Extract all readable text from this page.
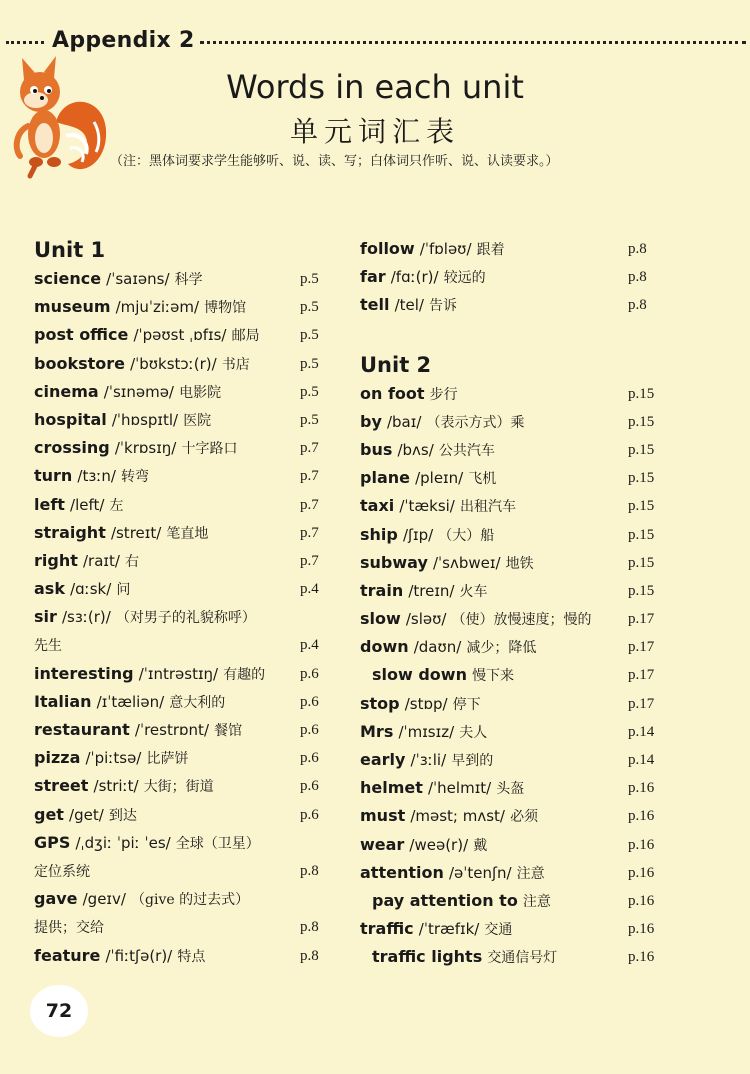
Appendix 2
Words in each unit
单元词汇表
（注：黑体词要求学生能够听、说、读、写；白体词只作听、说、认读要求。）
Unit 1
science /ˈsaɪəns/ 科学	p.5
museum /mjuˈziːəm/ 博物馆	p.5
post office /ˈpəʊst ˌɒfɪs/ 邮局	p.5
bookstore /ˈbʊkstɔː(r)/ 书店	p.5
cinema /ˈsɪnəmə/ 电影院	p.5
hospital /ˈhɒspɪtl/ 医院	p.5
crossing /ˈkrɒsɪŋ/ 十字路口	p.7
turn /tɜːn/ 转弯	p.7
left /left/ 左	p.7
straight /streɪt/ 笔直地	p.7
right /raɪt/ 右	p.7
ask /ɑːsk/ 问	p.4
sir /sɜː(r)/ （对男子的礼貌称呼）
先生	p.4
interesting /ˈɪntrəstɪŋ/ 有趣的 p.6
Italian /ɪˈtæliən/ 意大利的	p.6
restaurant /ˈrestrɒnt/ 餐馆	p.6
pizza /ˈpiːtsə/ 比萨饼	p.6
street /striːt/ 大街；街道	p.6
get /get/ 到达	p.6
GPS /ˌdʒiː ˈpiː ˈes/ 全球（卫星）
定位系统	p.8
gave /geɪv/ （give 的过去式）
提供；交给	p.8
feature /ˈfiːtʃə(r)/ 特点	p.8
follow /ˈfɒləʊ/ 跟着	p.8
far /fɑː(r)/ 较远的	p.8
tell /tel/ 告诉	p.8
Unit 2
on foot 步行	p.15
by /baɪ/ （表示方式）乘	p.15
bus /bʌs/ 公共汽车	p.15
plane /pleɪn/ 飞机	p.15
taxi /ˈtæksi/ 出租汽车	p.15
ship /ʃɪp/ （大）船	p.15
subway /ˈsʌbweɪ/ 地铁	p.15
train /treɪn/ 火车	p.15
slow /sləʊ/ （使）放慢速度；慢的 p.17
down /daʊn/ 减少；降低	p.17
slow down 慢下来	p.17
stop /stɒp/ 停下	p.17
Mrs /ˈmɪsɪz/ 夫人	p.14
early /ˈɜːli/ 早到的	p.14
helmet /ˈhelmɪt/ 头盔	p.16
must /məst; mʌst/ 必须	p.16
wear /weə(r)/ 戴	p.16
attention /əˈtenʃn/ 注意	p.16
pay attention to 注意	p.16
traffic /ˈtræfɪk/ 交通	p.16
traffic lights 交通信号灯	p.16
72
